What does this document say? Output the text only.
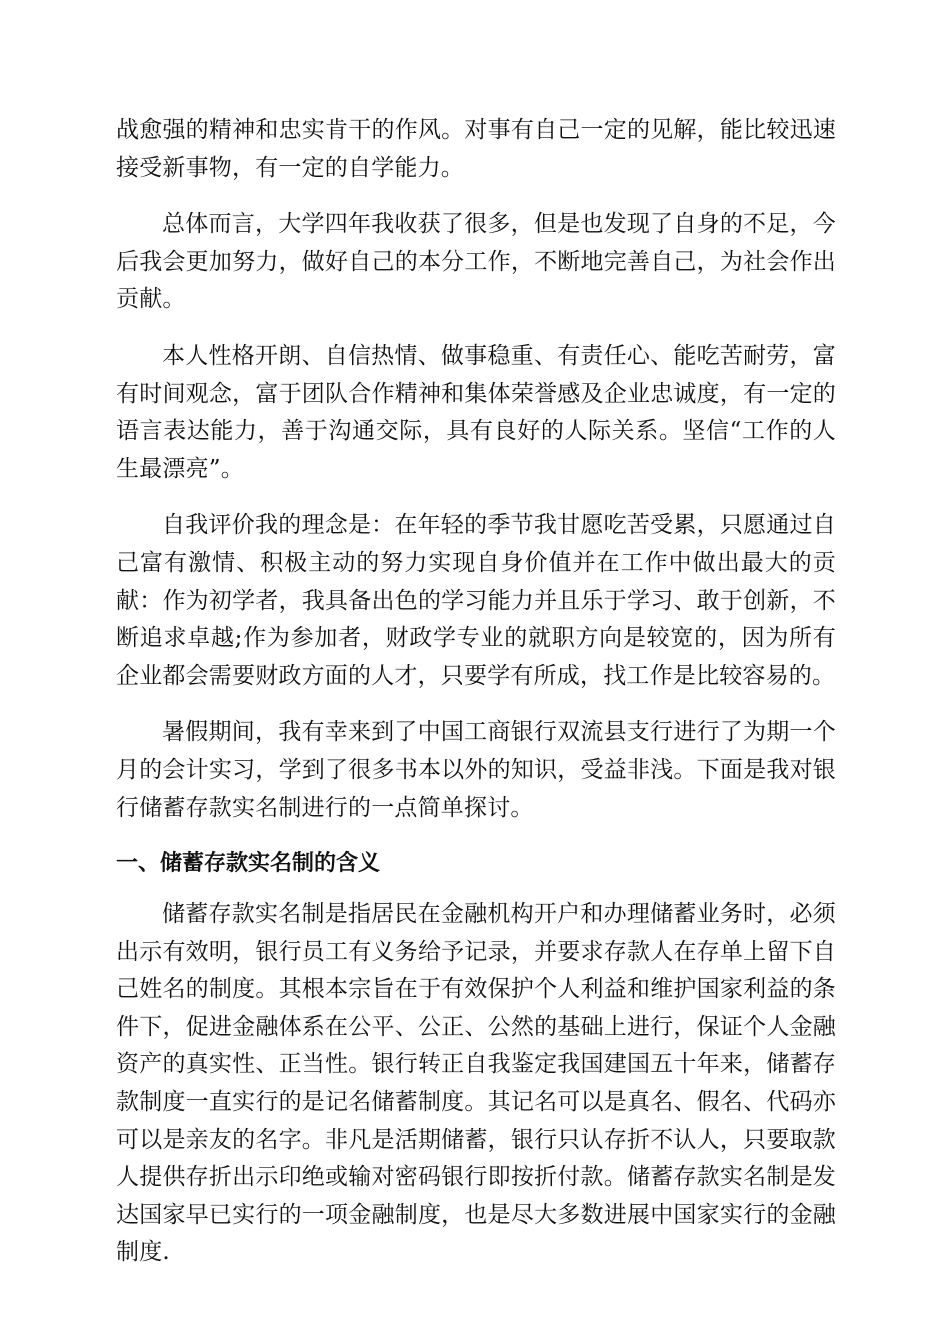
战愈强的精神和忠实肯干的作风。对事有自己一定的见解，能比较迅速接受新事物，有一定的自学能力。

总体而言，大学四年我收获了很多，但是也发现了自身的不足，今后我会更加努力，做好自己的本分工作，不断地完善自己，为社会作出贡献。

本人性格开朗、自信热情、做事稳重、有责任心、能吃苦耐劳，富有时间观念，富于团队合作精神和集体荣誉感及企业忠诚度，有一定的语言表达能力，善于沟通交际，具有良好的人际关系。坚信“工作的人生最漂亮”。

自我评价我的理念是：在年轻的季节我甘愿吃苦受累，只愿通过自己富有激情、积极主动的努力实现自身价值并在工作中做出最大的贡献：作为初学者，我具备出色的学习能力并且乐于学习、敢于创新，不断追求卓越;作为参加者，财政学专业的就职方向是较宽的，因为所有企业都会需要财政方面的人才，只要学有所成，找工作是比较容易的。

暑假期间，我有幸来到了中国工商银行双流县支行进行了为期一个月的会计实习，学到了很多书本以外的知识，受益非浅。下面是我对银行储蓄存款实名制进行的一点简单探讨。

一、储蓄存款实名制的含义

储蓄存款实名制是指居民在金融机构开户和办理储蓄业务时，必须出示有效明，银行员工有义务给予记录，并要求存款人在存单上留下自己姓名的制度。其根本宗旨在于有效保护个人利益和维护国家利益的条件下，促进金融体系在公平、公正、公然的基础上进行，保证个人金融资产的真实性、正当性。银行转正自我鉴定我国建国五十年来，储蓄存款制度一直实行的是记名储蓄制度。其记名可以是真名、假名、代码亦可以是亲友的名字。非凡是活期储蓄，银行只认存折不认人，只要取款人提供存折出示印绝或输对密码银行即按折付款。储蓄存款实名制是发达国家早已实行的一项金融制度，也是尽大多数进展中国家实行的金融制度.
